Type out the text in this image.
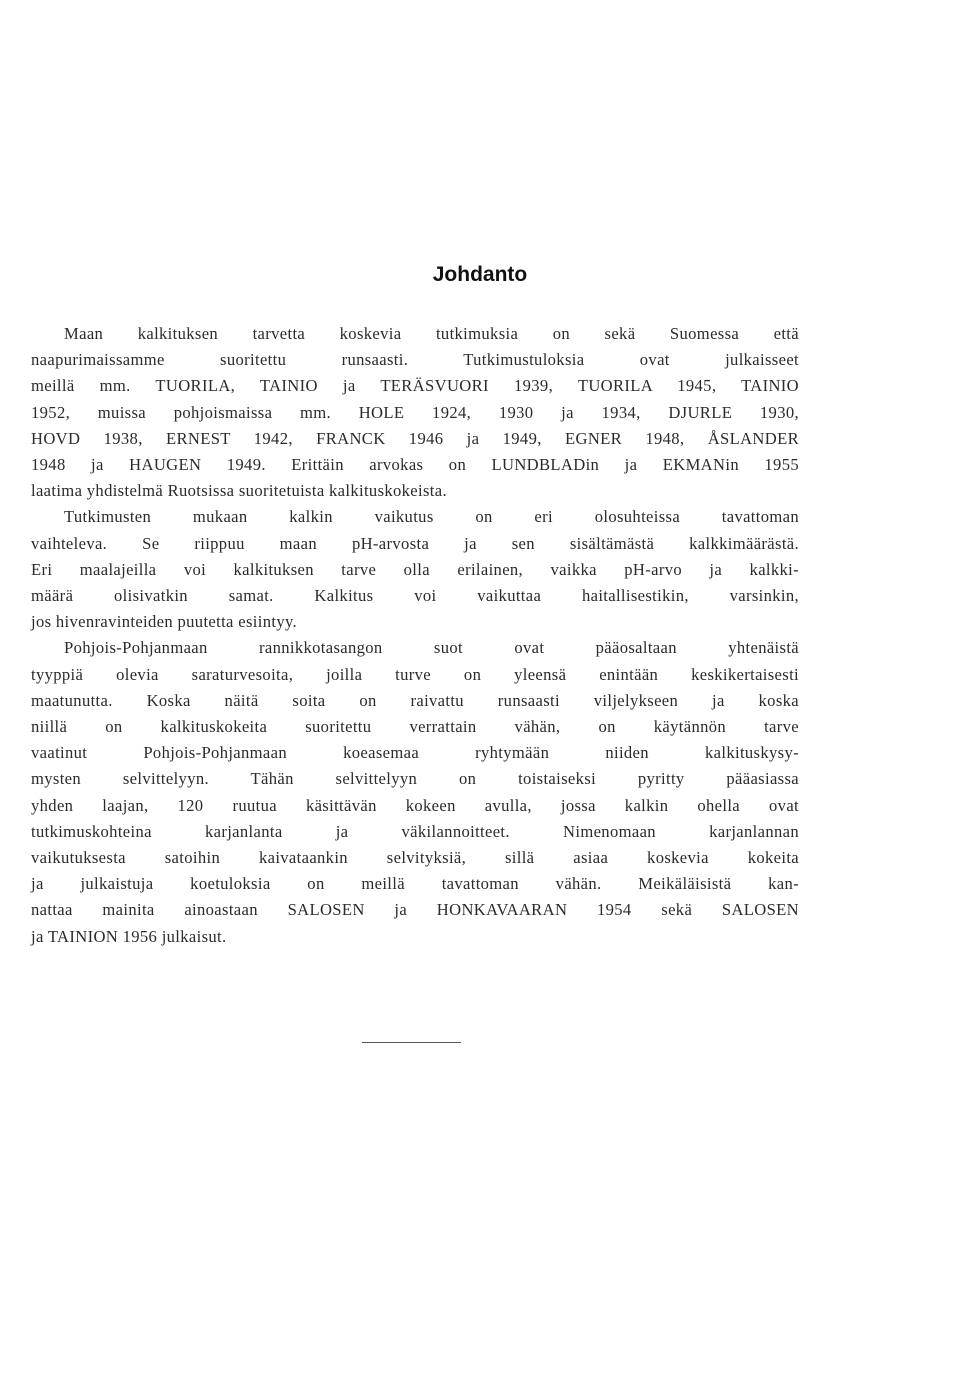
Johdanto
Maan kalkituksen tarvetta koskevia tutkimuksia on sekä Suomessa että
naapurimaissamme suoritettu runsaasti. Tutkimustuloksia ovat julkaisseet
meillä mm. TUORILA, TAINIO ja TERÄSVUORI 1939, TUORILA 1945, TAINIO
1952, muissa pohjoismaissa mm. HOLE 1924, 1930 ja 1934, DJURLE 1930,
HOVD 1938, ERNEST 1942, FRANCK 1946 ja 1949, EGNER 1948, ÅSLANDER
1948 ja HAUGEN 1949. Erittäin arvokas on LUNDBLADin ja EKMANin 1955
laatima yhdistelmä Ruotsissa suoritetuista kalkituskokeista.
Tutkimusten mukaan kalkin vaikutus on eri olosuhteissa tavattoman
vaihteleva. Se riippuu maan pH-arvosta ja sen sisältämästä kalkkimäärästä.
Eri maalajeilla voi kalkituksen tarve olla erilainen, vaikka pH-arvo ja kalkki-
määrä olisivatkin samat. Kalkitus voi vaikuttaa haitallisestikin, varsinkin,
jos hivenravinteiden puutetta esiintyy.
Pohjois-Pohjanmaan rannikkotasangon suot ovat pääosaltaan yhtenäistä
tyyppiä olevia saraturvesoita, joilla turve on yleensä enintään keskikertaisesti
maatunutta. Koska näitä soita on raivattu runsaasti viljelykseen ja koska
niillä on kalkituskokeita suoritettu verrattain vähän, on käytännön tarve
vaatinut Pohjois-Pohjanmaan koeasemaa ryhtymään niiden kalkituskysy-
mysten selvittelyyn. Tähän selvittelyyn on toistaiseksi pyritty pääasiassa
yhden laajan, 120 ruutua käsittävän kokeen avulla, jossa kalkin ohella ovat
tutkimuskohteina karjanlanta ja väkilannoitteet. Nimenomaan karjanlannan
vaikutuksesta satoihin kaivataankin selvityksiä, sillä asiaa koskevia kokeita
ja julkaistuja koetuloksia on meillä tavattoman vähän. Meikäläisistä kan-
nattaa mainita ainoastaan SALOSEN ja HONKAVAARAN 1954 sekä SALOSEN
ja TAINION 1956 julkaisut.
